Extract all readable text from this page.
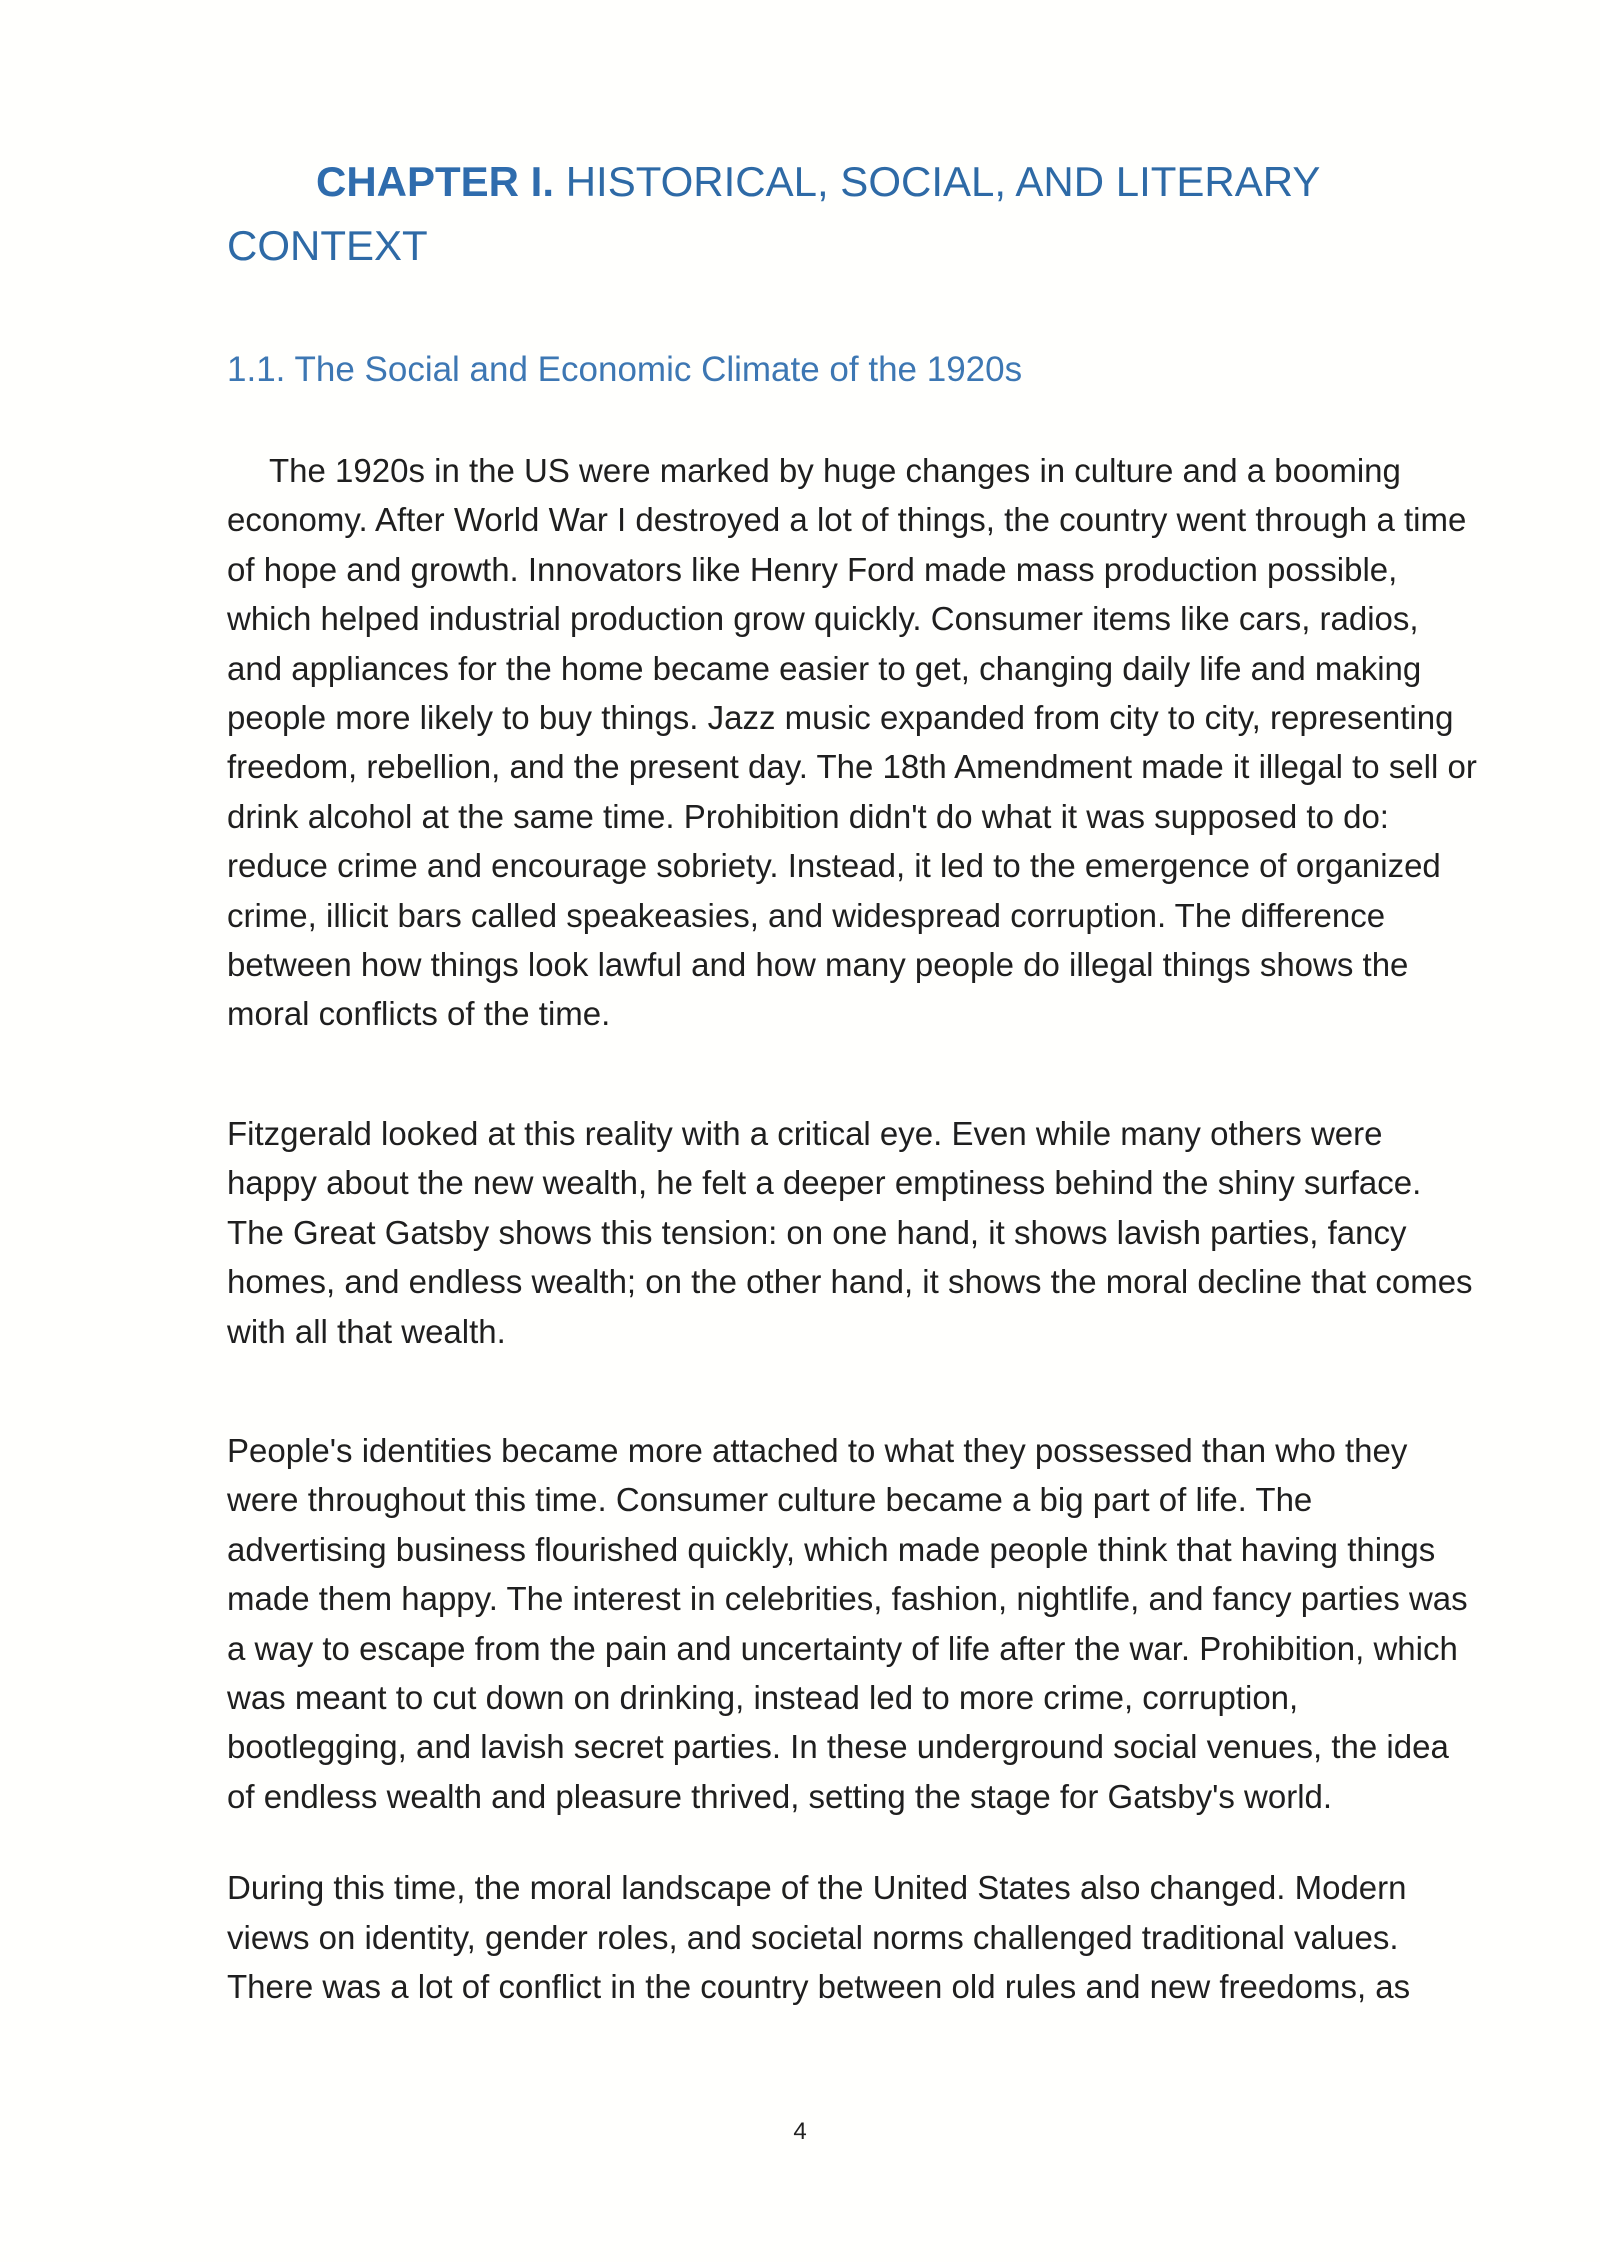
CHAPTER I. HISTORICAL, SOCIAL, AND LITERARY CONTEXT
1.1. The Social and Economic Climate of the 1920s

The 1920s in the US were marked by huge changes in culture and a booming economy. After World War I destroyed a lot of things, the country went through a time of hope and growth. Innovators like Henry Ford made mass production possible, which helped industrial production grow quickly. Consumer items like cars, radios, and appliances for the home became easier to get, changing daily life and making people more likely to buy things. Jazz music expanded from city to city, representing freedom, rebellion, and the present day. The 18th Amendment made it illegal to sell or drink alcohol at the same time. Prohibition didn't do what it was supposed to do: reduce crime and encourage sobriety. Instead, it led to the emergence of organized crime, illicit bars called speakeasies, and widespread corruption. The difference between how things look lawful and how many people do illegal things shows the moral conflicts of the time.

Fitzgerald looked at this reality with a critical eye. Even while many others were happy about the new wealth, he felt a deeper emptiness behind the shiny surface. The Great Gatsby shows this tension: on one hand, it shows lavish parties, fancy homes, and endless wealth; on the other hand, it shows the moral decline that comes with all that wealth.

People's identities became more attached to what they possessed than who they were throughout this time. Consumer culture became a big part of life. The advertising business flourished quickly, which made people think that having things made them happy. The interest in celebrities, fashion, nightlife, and fancy parties was a way to escape from the pain and uncertainty of life after the war. Prohibition, which was meant to cut down on drinking, instead led to more crime, corruption, bootlegging, and lavish secret parties. In these underground social venues, the idea of endless wealth and pleasure thrived, setting the stage for Gatsby's world.

During this time, the moral landscape of the United States also changed. Modern views on identity, gender roles, and societal norms challenged traditional values. There was a lot of conflict in the country between old rules and new freedoms, as

4
